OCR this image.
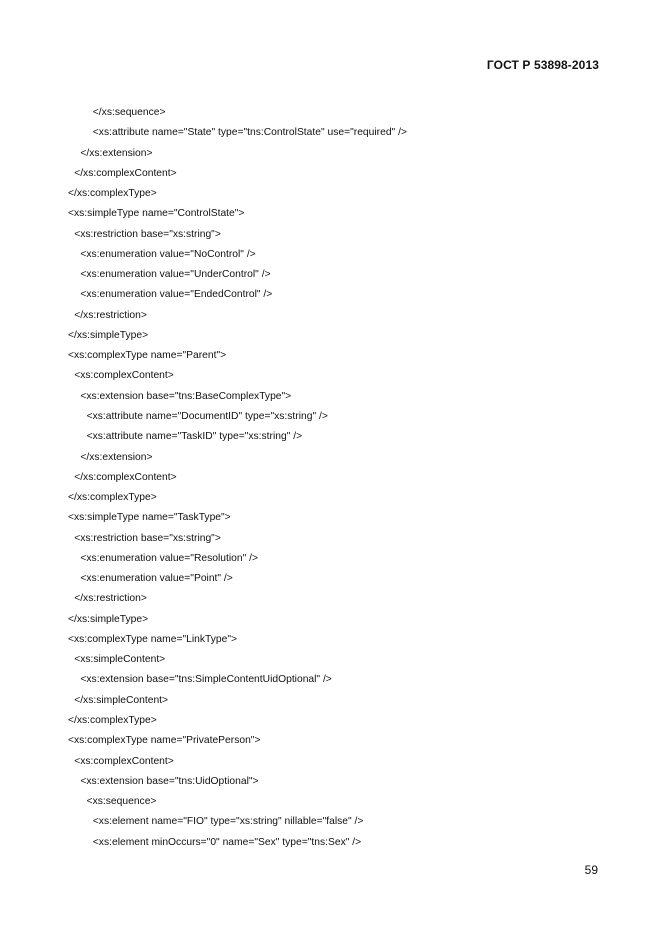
ГОСТ Р 53898-2013
</xs:sequence>
<xs:attribute name="State" type="tns:ControlState" use="required" />
</xs:extension>
</xs:complexContent>
</xs:complexType>
<xs:simpleType name="ControlState">
<xs:restriction base="xs:string">
<xs:enumeration value="NoControl" />
<xs:enumeration value="UnderControl" />
<xs:enumeration value="EndedControl" />
</xs:restriction>
</xs:simpleType>
<xs:complexType name="Parent">
<xs:complexContent>
<xs:extension base="tns:BaseComplexType">
<xs:attribute name="DocumentID" type="xs:string" />
<xs:attribute name="TaskID" type="xs:string" />
</xs:extension>
</xs:complexContent>
</xs:complexType>
<xs:simpleType name="TaskType">
<xs:restriction base="xs:string">
<xs:enumeration value="Resolution" />
<xs:enumeration value="Point" />
</xs:restriction>
</xs:simpleType>
<xs:complexType name="LinkType">
<xs:simpleContent>
<xs:extension base="tns:SimpleContentUidOptional" />
</xs:simpleContent>
</xs:complexType>
<xs:complexType name="PrivatePerson">
<xs:complexContent>
<xs:extension base="tns:UidOptional">
<xs:sequence>
<xs:element name="FIO" type="xs:string" nillable="false" />
<xs:element minOccurs="0" name="Sex" type="tns:Sex" />
59
